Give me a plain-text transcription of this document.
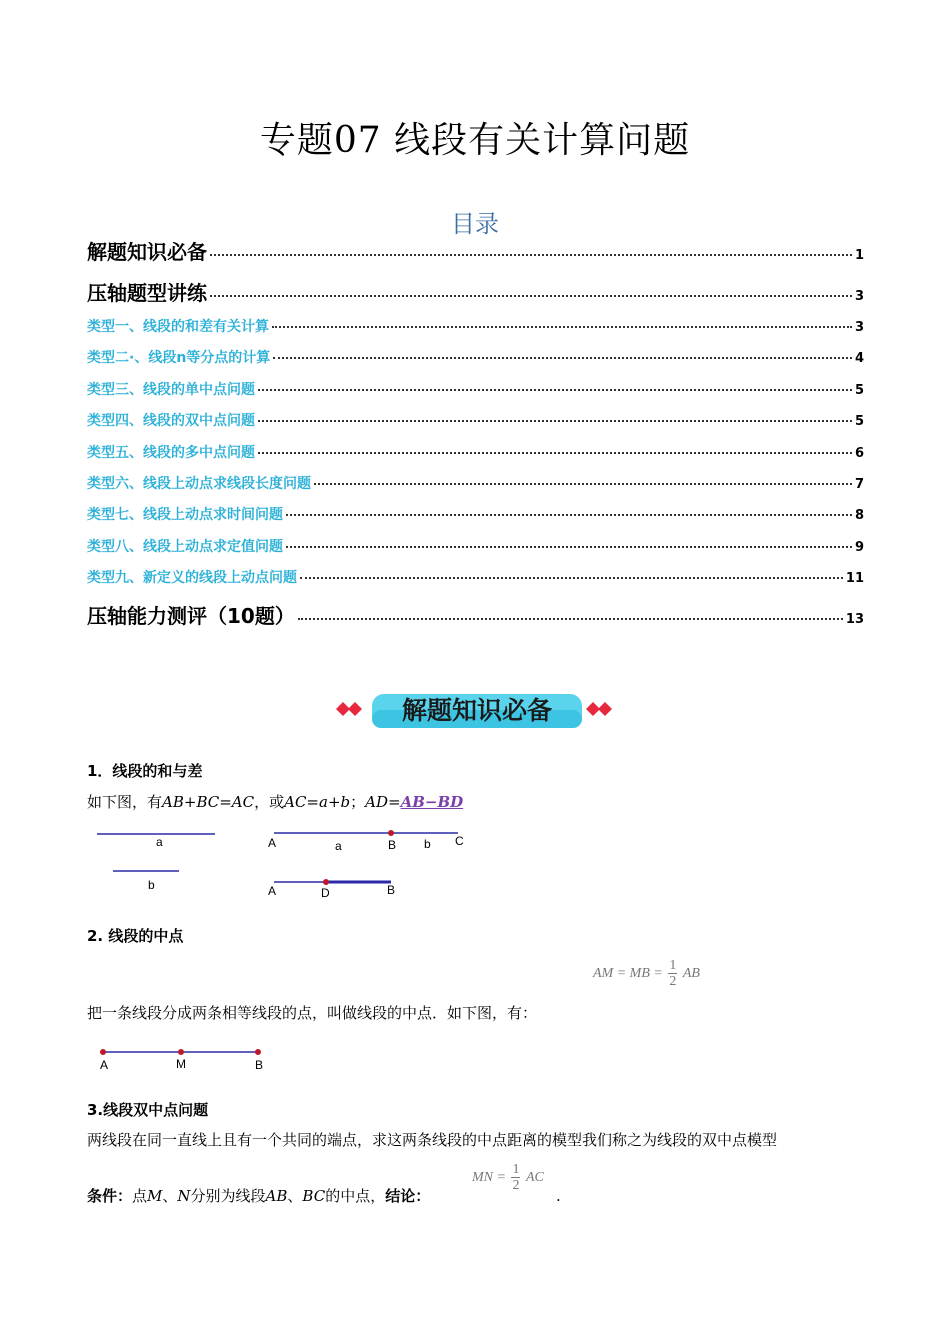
专题07 线段有关计算问题
目录
解题知识必备	1
压轴题型讲练	3
类型一、线段的和差有关计算	3
类型二·、线段n等分点的计算	4
类型三、线段的单中点问题	5
类型四、线段的双中点问题	5
类型五、线段的多中点问题	6
类型六、线段上动点求线段长度问题	7
类型七、线段上动点求时间问题	8
类型八、线段上动点求定值问题	9
类型九、新定义的线段上动点问题	11
压轴能力测评（10题）	13
解题知识必备
1．线段的和与差
如下图，有AB+BC=AC，或AC=a+b；AD=AB−BD
a
b
A	a	B b C
A	D	B
2. 线段的中点
AM = MB = $\frac{1}{2}$ AB
把一条线段分成两条相等线段的点，叫做线段的中点．如下图，有：
A	M	B
3.线段双中点问题
两线段在同一直线上且有一个共同的端点，求这两条线段的中点距离的模型我们称之为线段的双中点模型
条件：点M、N分别为线段AB、BC的中点，结论：
MN = $\frac{1}{2}$ AC
.
